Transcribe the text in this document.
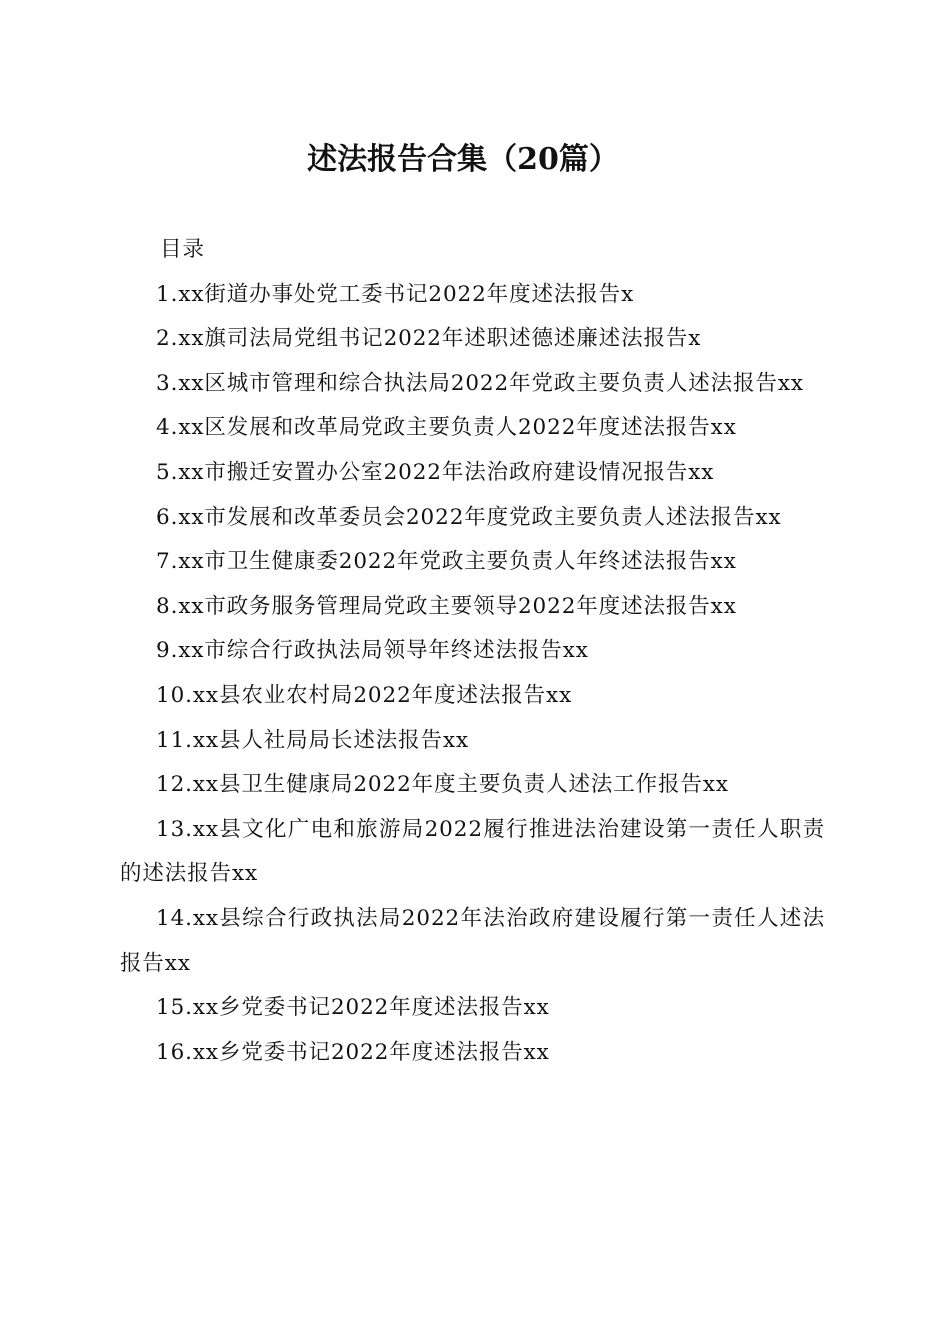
述法报告合集（20篇）

目录

1.xx街道办事处党工委书记2022年度述法报告x
2.xx旗司法局党组书记2022年述职述德述廉述法报告x
3.xx区城市管理和综合执法局2022年党政主要负责人述法报告xx
4.xx区发展和改革局党政主要负责人2022年度述法报告xx
5.xx市搬迁安置办公室2022年法治政府建设情况报告xx
6.xx市发展和改革委员会2022年度党政主要负责人述法报告xx
7.xx市卫生健康委2022年党政主要负责人年终述法报告xx
8.xx市政务服务管理局党政主要领导2022年度述法报告xx
9.xx市综合行政执法局领导年终述法报告xx
10.xx县农业农村局2022年度述法报告xx
11.xx县人社局局长述法报告xx
12.xx县卫生健康局2022年度主要负责人述法工作报告xx
13.xx县文化广电和旅游局2022履行推进法治建设第一责任人职责的述法报告xx
14.xx县综合行政执法局2022年法治政府建设履行第一责任人述法报告xx
15.xx乡党委书记2022年度述法报告xx
16.xx乡党委书记2022年度述法报告xx
